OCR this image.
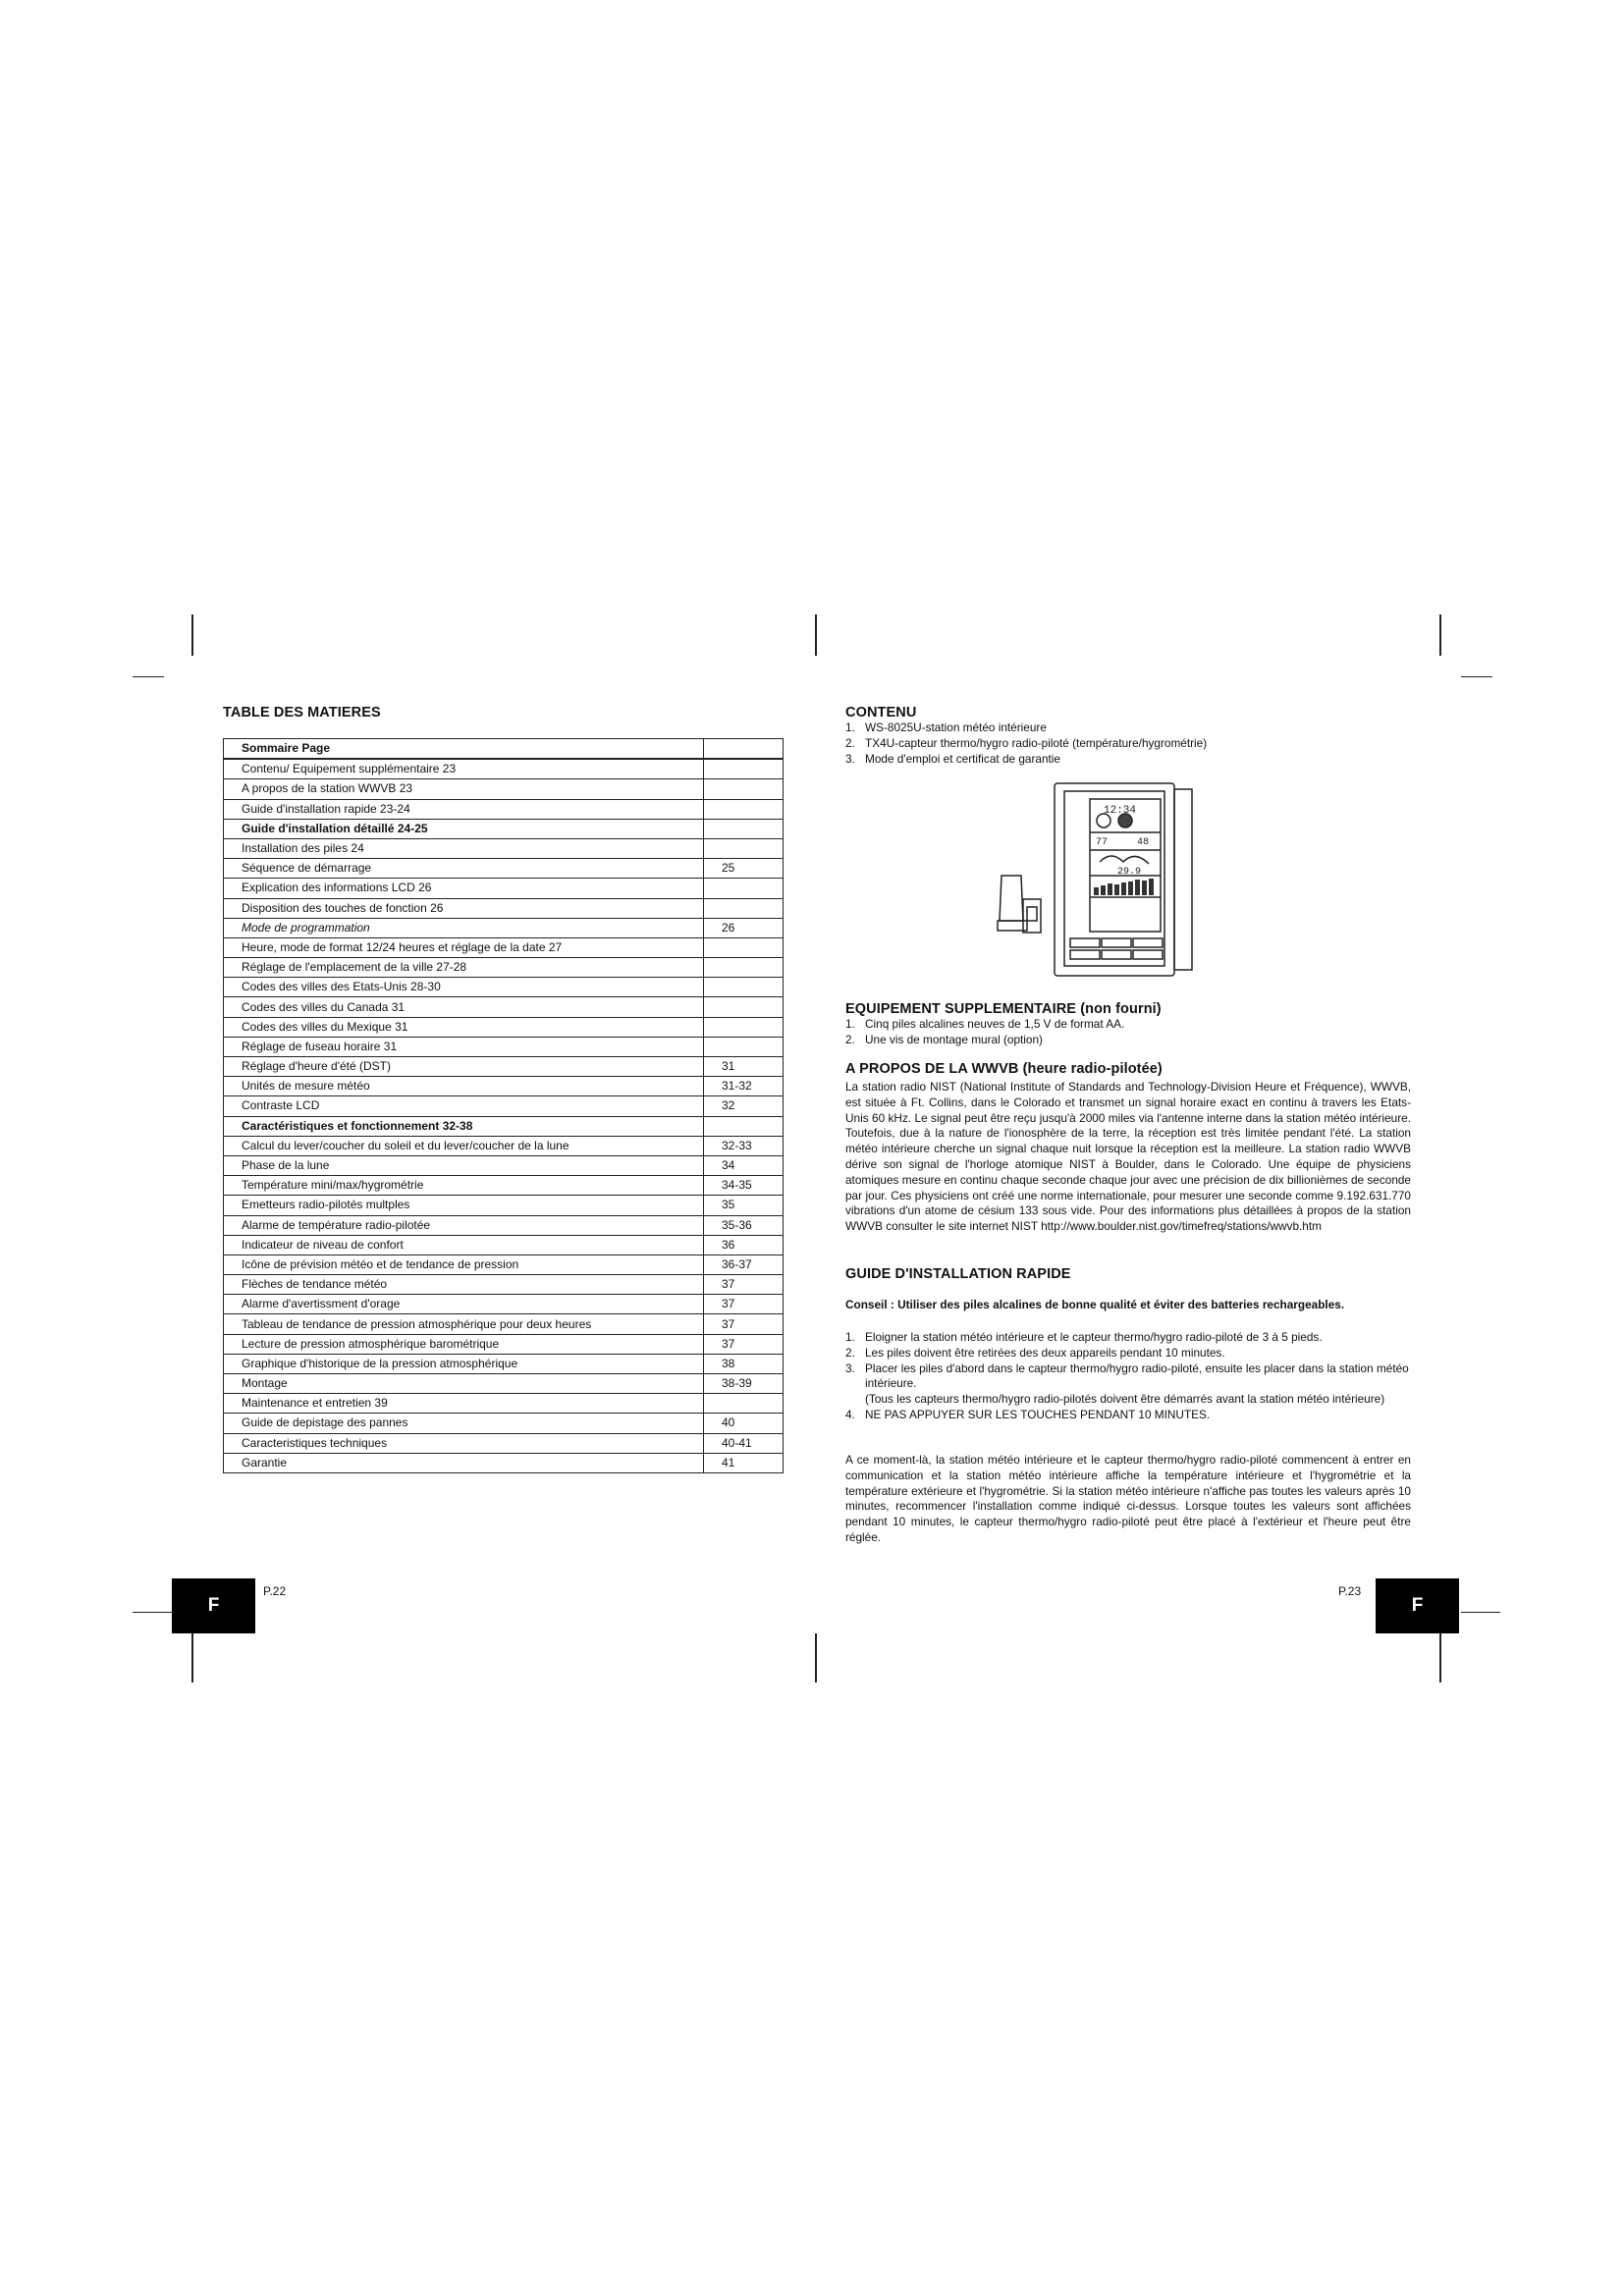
TABLE DES MATIERES
Sommaire Page	
Contenu/ Equipement supplémentaire 23	
A propos de la station WWVB 23	
Guide d'installation rapide 23-24	
Guide d'installation détaillé 24-25	
Installation des piles 24	
Séquence de démarrage	25
Explication des informations LCD 26	
Disposition des touches de fonction 26	
Mode de programmation	26
Heure, mode de format 12/24 heures et réglage de la date 27	
Réglage de l'emplacement de la ville 27-28	
Codes des villes des Etats-Unis 28-30	
Codes des villes du Canada 31	
Codes des villes du Mexique 31	
Réglage de fuseau horaire 31	
Réglage d'heure d'été (DST)	31
Unités de mesure météo	31-32
Contraste LCD	32
Caractéristiques et fonctionnement 32-38	
Calcul du lever/coucher du soleil et du lever/coucher de la lune	32-33
Phase de la lune	34
Température mini/max/hygrométrie	34-35
Emetteurs radio-pilotés multples	35
Alarme de température radio-pilotée	35-36
Indicateur de niveau de confort	36
Icône de prévision météo et de tendance de pression	36-37
Flèches de tendance météo	37
Alarme d'avertissment d'orage	37
Tableau de tendance de pression atmosphérique pour deux heures	37
Lecture de pression atmosphérique barométrique	37
Graphique d'historique de la pression atmosphérique	38
Montage	38-39
Maintenance et entretien 39	
Guide de depistage des pannes	40
Caracteristiques techniques	40-41
Garantie	41
F
P.22
CONTENU
1. WS-8025U-station météo intérieure
2. TX4U-capteur thermo/hygro radio-piloté (température/hygrométrie)
3. Mode d'emploi et certificat de garantie
12:34
77	48
29.9
EQUIPEMENT SUPPLEMENTAIRE (non fourni)
1. Cinq piles alcalines neuves de 1,5 V de format AA.
2. Une vis de montage mural (option)
A PROPOS DE LA WWVB (heure radio-pilotée)

La station radio NIST (National Institute of Standards and Technology-Division Heure et Fréquence), WWVB, est située à Ft. Collins, dans le Colorado et transmet un signal horaire exact en continu à travers les Etats-Unis 60 kHz. Le signal peut être reçu jusqu'à 2000 miles via l'antenne interne dans la station météo intérieure. Toutefois, due à la nature de l'ionosphère de la terre, la réception est très limitée pendant l'été. La station météo intérieure cherche un signal chaque nuit lorsque la réception est la meilleure. La station radio WWVB dérive son signal de l'horloge atomique NIST à Boulder, dans le Colorado. Une équipe de physiciens atomiques mesure en continu chaque seconde chaque jour avec une précision de dix billionièmes de seconde par jour. Ces physiciens ont créé une norme internationale, pour mesurer une seconde comme 9.192.631.770 vibrations d'un atome de césium 133 sous vide. Pour des informations plus détaillées à propos de la station WWVB consulter le site internet NIST http://www.boulder.nist.gov/timefreq/stations/wwvb.htm

GUIDE D'INSTALLATION RAPIDE

Conseil : Utiliser des piles alcalines de bonne qualité et éviter des batteries rechargeables.

1. Eloigner la station météo intérieure et le capteur thermo/hygro radio-piloté de 3 à 5 pieds.
2. Les piles doivent être retirées des deux appareils pendant 10 minutes.
3. Placer les piles d'abord dans le capteur thermo/hygro radio-piloté, ensuite les placer dans la station météo intérieure.
(Tous les capteurs thermo/hygro radio-pilotés doivent être démarrés avant la station météo intérieure)
4. NE PAS APPUYER SUR LES TOUCHES PENDANT 10 MINUTES.

A ce moment-là, la station météo intérieure et le capteur thermo/hygro radio-piloté commencent à entrer en communication et la station météo intérieure affiche la température intérieure et l'hygrométrie et la température extérieure et l'hygrométrie. Si la station météo intérieure n'affiche pas toutes les valeurs après 10 minutes, recommencer l'installation comme indiqué ci-dessus. Lorsque toutes les valeurs sont affichées pendant 10 minutes, le capteur thermo/hygro radio-piloté peut être placé à l'extérieur et l'heure peut être réglée.

P.23
F
